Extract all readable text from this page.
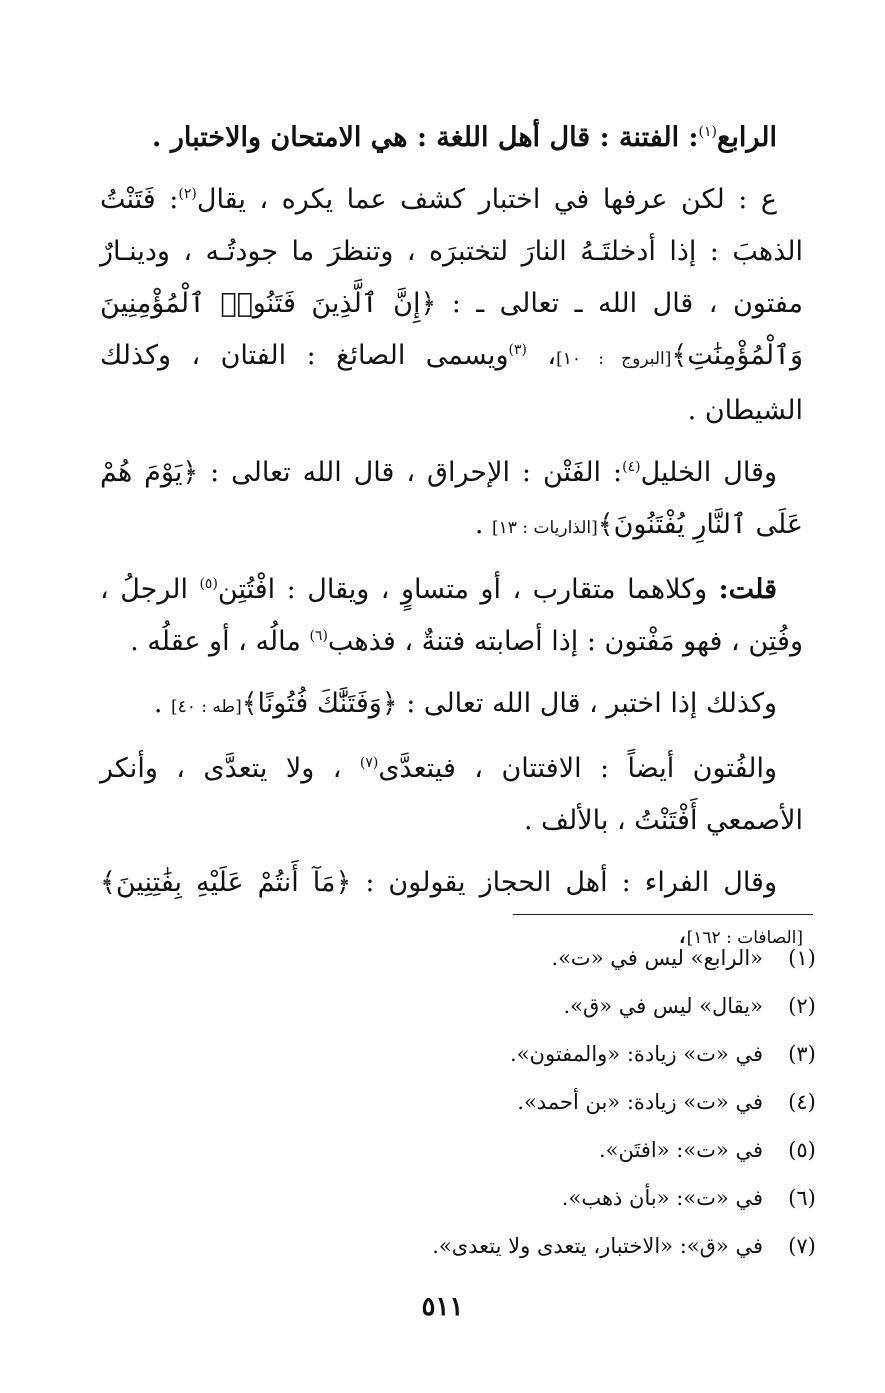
الرابع$^{(١)}$: الفتنة : قال أهل اللغة : هي الامتحان والاختبار .

ع : لكن عرفها في اختبار كشف عما يكره ، يقال$^{(٢)}$: فَتَنْتُ الذهبَ : إذا أدخلتَـهُ النارَ لتختبرَه ، وتنظرَ ما جودتُـه ، ودينـارٌ مفتون ، قال الله ـ تعالى ـ : ﴿إِنَّ ٱلَّذِينَ فَتَنُوا۟ ٱلْمُؤْمِنِينَ وَٱلْمُؤْمِنَٰتِ﴾[البروج : ١٠]، $^{(٣)}$ويسمى الصائغ : الفتان ، وكذلك الشيطان .

وقال الخليل$^{(٤)}$: الفَتْن : الإحراق ، قال الله تعالى : ﴿يَوْمَ هُمْ عَلَى ٱلنَّارِ يُفْتَنُونَ﴾[الذاريات : ١٣] .

قلت: وكلاهما متقارب ، أو متساوٍ ، ويقال : افْتُتِن$^{(٥)}$ الرجلُ ، وفُتِن ، فهو مَفْتون : إذا أصابته فتنةٌ ، فذهب$^{(٦)}$ مالُه ، أو عقلُه .

وكذلك إذا اختبر ، قال الله تعالى : ﴿وَفَتَنَّٰكَ فُتُونًا﴾[طه : ٤٠] .

والفُتون أيضاً : الافتتان ، فيتعدَّى$^{(٧)}$ ، ولا يتعدَّى ، وأنكر الأصمعي أَفْتَنْتُ ، بالألف .

وقال الفراء : أهل الحجاز يقولون : ﴿مَآ أَنتُمْ عَلَيْهِ بِفَٰتِنِينَ﴾[الصافات : ١٦٢]،

(١)
«الرابع» ليس في «ت».
(٢)
«يقال» ليس في «ق».
(٣)
في «ت» زيادة: «والمفتون».
(٤)
في «ت» زيادة: «بن أحمد».
(٥)
في «ت»: «افتَن».
(٦)
في «ت»: «بأن ذهب».
(٧)
في «ق»: «الاختبار، يتعدى ولا يتعدى».
٥١١
